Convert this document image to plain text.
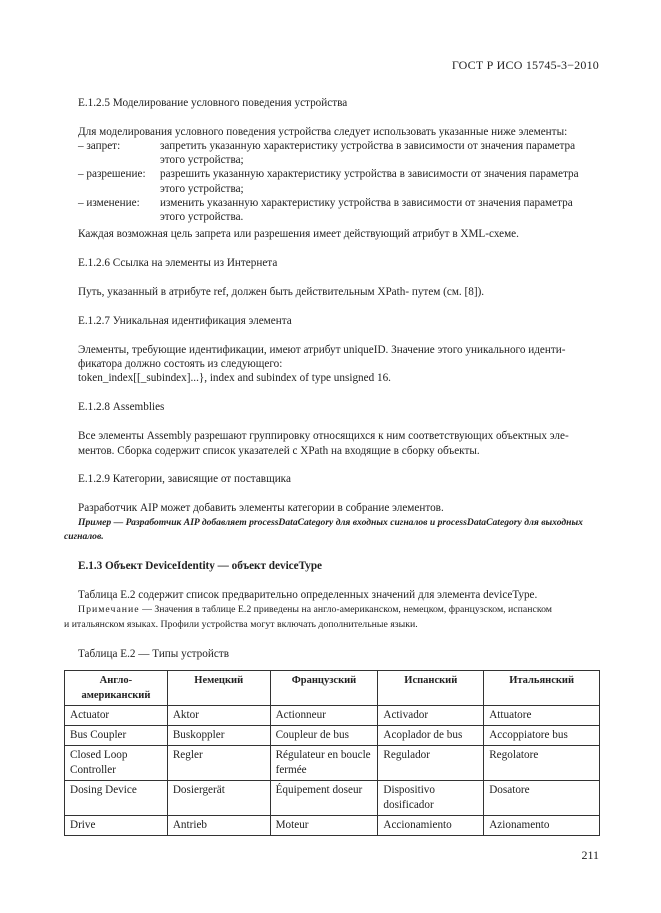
ГОСТ Р ИСО 15745-3−2010
Е.1.2.5 Моделирование условного поведения устройства
Для моделирования условного поведения устройства следует использовать указанные ниже элементы:
– запрет:	запретить указанную характеристику устройства в зависимости от значения параметра
этого устройства;
– разрешение:	разрешить указанную характеристику устройства в зависимости от значения параметра
этого устройства;
– изменение:	изменить указанную характеристику устройства в зависимости от значения параметра
этого устройства.
Каждая возможная цель запрета или разрешения имеет действующий атрибут в XML-схеме.
Е.1.2.6 Ссылка на элементы из Интернета
Путь, указанный в атрибуте ref, должен быть действительным XPath- путем (см. [8]).
Е.1.2.7 Уникальная идентификация элемента
Элементы, требующие идентификации, имеют атрибут uniqueID. Значение этого уникального иденти-
фикатора должно состоять из следующего:
token_index[[_subindex]...}, index and subindex of type unsigned 16.
Е.1.2.8 Assemblies
Все элементы Assembly разрешают группировку относящихся к ним соответствующих объектных эле-
ментов. Сборка содержит список указателей с XPath на входящие в сборку объекты.
Е.1.2.9 Категории, зависящие от поставщика
Разработчик AIP может добавить элементы категории в собрание элементов.
Пример — Разработчик AIP добавляет processDataCategory для входных сигналов и processDataCategory для выходных
сигналов.
Е.1.3 Объект DeviceIdentity — объект deviceType
Таблица Е.2 содержит список предварительно определенных значений для элемента deviceType.
Примечание — Значения в таблице Е.2 приведены на англо-американском, немецком, французском, испанском
и итальянском языках. Профили устройства могут включать дополнительные языки.
Таблица Е.2 — Типы устройств
Англо-американский	Немецкий	Французский	Испанский	Итальянский
Actuator	Aktor	Actionneur	Activador	Attuatore
Bus Coupler	Buskoppler	Coupleur de bus	Acoplador de bus	Accoppiatore bus
Closed Loop Controller	Regler	Régulateur en boucle fermée	Regulador	Regolatore
Dosing Device	Dosiergerät	Équipement doseur	Dispositivo dosificador	Dosatore
Drive	Antrieb	Moteur	Accionamiento	Azionamento
211
